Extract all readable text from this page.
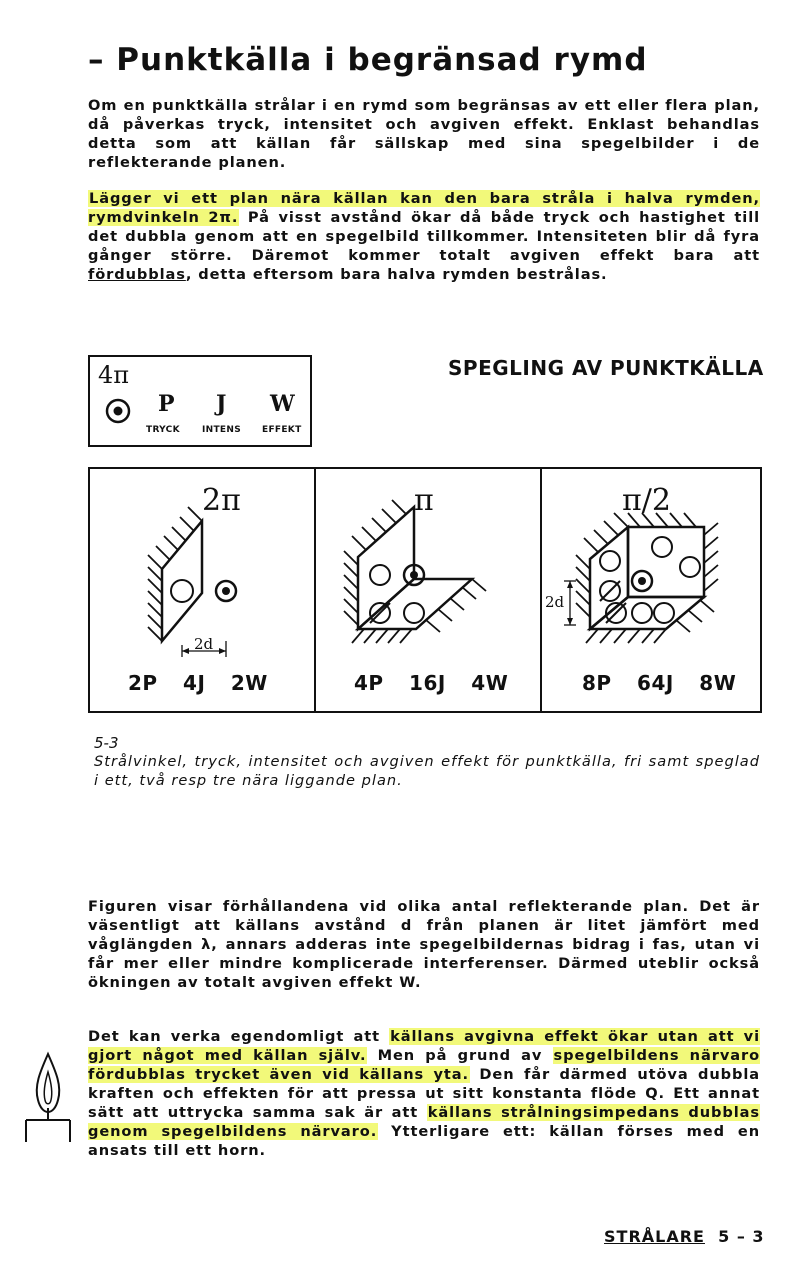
– Punktkälla i begränsad rymd
Om en punktkälla strålar i en rymd som begränsas av ett eller flera plan, då påverkas tryck, intensitet och avgiven effekt. Enklast behandlas detta som att källan får sällskap med sina spegelbilder i de reflekterande planen.
Lägger vi ett plan nära källan kan den bara stråla i halva rymden, rymdvinkeln 2π. På visst avstånd ökar då både tryck och hastighet till det dubbla genom att en spegelbild tillkommer. Intensiteten blir då fyra gånger större. Däremot kommer totalt avgiven effekt bara att fördubblas, detta eftersom bara halva rymden bestrålas.
4π
P J W
TRYCK INTENS EFFEKT
SPEGLING AV PUNKTKÄLLA
2π
2d
2P 4J 2W
π
4P 16J 4W
π/2
2d
8P 64J 8W
5-3
Strålvinkel, tryck, intensitet och avgiven effekt för punktkälla, fri samt speglad i ett, två resp tre nära liggande plan.
Figuren visar förhållandena vid olika antal reflekterande plan. Det är väsentligt att källans avstånd d från planen är litet jämfört med våglängden λ, annars adderas inte spegelbildernas bidrag i fas, utan vi får mer eller mindre komplicerade interferenser. Därmed uteblir också ökningen av totalt avgiven effekt W.
Det kan verka egendomligt att källans avgivna effekt ökar utan att vi gjort något med källan själv. Men på grund av spegelbildens närvaro fördubblas trycket även vid källans yta. Den får därmed utöva dubbla kraften och effekten för att pressa ut sitt konstanta flöde Q. Ett annat sätt att uttrycka samma sak är att källans strålningsimpedans dubblas genom spegelbildens närvaro. Ytterligare ett: källan förses med en ansats till ett horn.
STRÅLARE 5 – 3
